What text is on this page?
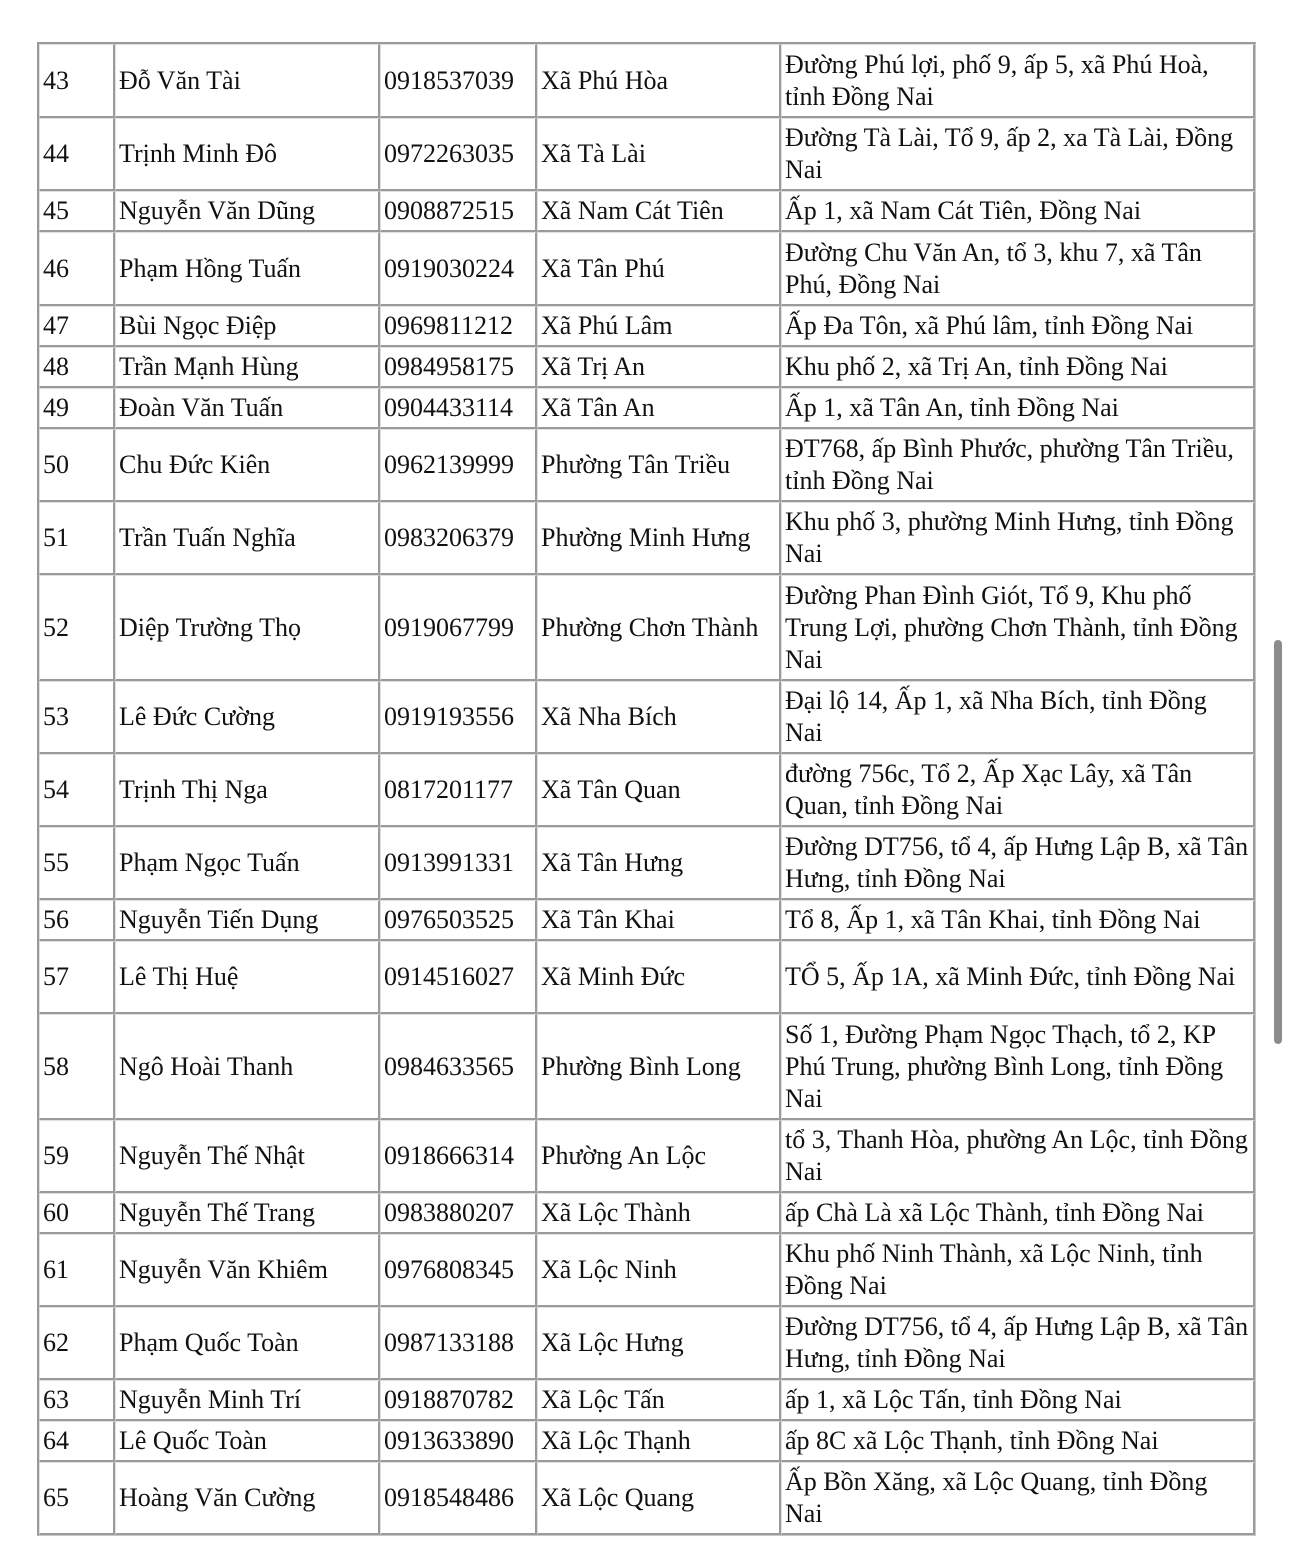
43	Đỗ Văn Tài	0918537039	Xã Phú Hòa	Đường Phú lợi, phố 9, ấp 5, xã Phú Hoà, tỉnh Đồng Nai
44	Trịnh Minh Đô	0972263035	Xã Tà Lài	Đường Tà Lài, Tổ 9, ấp 2, xa Tà Lài, Đồng Nai
45	Nguyễn Văn Dũng	0908872515	Xã Nam Cát Tiên	Ấp 1, xã Nam Cát Tiên, Đồng Nai
46	Phạm Hồng Tuấn	0919030224	Xã Tân Phú	Đường Chu Văn An, tổ 3, khu 7, xã Tân Phú, Đồng Nai
47	Bùi Ngọc Điệp	0969811212	Xã Phú Lâm	Ấp Đa Tôn, xã Phú lâm, tỉnh Đồng Nai
48	Trần Mạnh Hùng	0984958175	Xã Trị An	Khu phố 2, xã Trị An, tỉnh Đồng Nai
49	Đoàn Văn Tuấn	0904433114	Xã Tân An	Ấp 1, xã Tân An, tỉnh Đồng Nai
50	Chu Đức Kiên	0962139999	Phường Tân Triều	ĐT768, ấp Bình Phước, phường Tân Triều, tỉnh Đồng Nai
51	Trần Tuấn Nghĩa	0983206379	Phường Minh Hưng	Khu phố 3, phường Minh Hưng, tỉnh Đồng Nai
52	Diệp Trường Thọ	0919067799	Phường Chơn Thành	Đường Phan Đình Giót, Tổ 9, Khu phố Trung Lợi, phường Chơn Thành, tỉnh Đồng Nai
53	Lê Đức Cường	0919193556	Xã Nha Bích	Đại lộ 14, Ấp 1, xã Nha Bích, tỉnh Đồng Nai
54	Trịnh Thị Nga	0817201177	Xã Tân Quan	đường 756c, Tổ 2, Ấp Xạc Lây, xã Tân Quan, tỉnh Đồng Nai
55	Phạm Ngọc Tuấn	0913991331	Xã Tân Hưng	Đường DT756, tổ 4, ấp Hưng Lập B, xã Tân Hưng, tỉnh Đồng Nai
56	Nguyễn Tiến Dụng	0976503525	Xã Tân Khai	Tổ 8, Ấp 1, xã Tân Khai, tỉnh Đồng Nai
57	Lê Thị Huệ	0914516027	Xã Minh Đức	TỔ 5, Ấp 1A, xã Minh Đức, tỉnh Đồng Nai
58	Ngô Hoài Thanh	0984633565	Phường Bình Long	Số 1, Đường Phạm Ngọc Thạch, tổ 2, KP Phú Trung, phường Bình Long, tỉnh Đồng Nai
59	Nguyễn Thế Nhật	0918666314	Phường An Lộc	tổ 3, Thanh Hòa, phường An Lộc, tỉnh Đồng Nai
60	Nguyễn Thế Trang	0983880207	Xã Lộc Thành	ấp Chà Là xã Lộc Thành, tỉnh Đồng Nai
61	Nguyễn Văn Khiêm	0976808345	Xã Lộc Ninh	Khu phố Ninh Thành, xã Lộc Ninh, tỉnh Đồng Nai
62	Phạm Quốc Toàn	0987133188	Xã Lộc Hưng	Đường DT756, tổ 4, ấp Hưng Lập B, xã Tân Hưng, tỉnh Đồng Nai
63	Nguyễn Minh Trí	0918870782	Xã Lộc Tấn	ấp 1, xã Lộc Tấn, tỉnh Đồng Nai
64	Lê Quốc Toàn	0913633890	Xã Lộc Thạnh	ấp 8C xã Lộc Thạnh, tỉnh Đồng Nai
65	Hoàng Văn Cường	0918548486	Xã Lộc Quang	Ấp Bồn Xăng, xã Lộc Quang, tỉnh Đồng Nai
